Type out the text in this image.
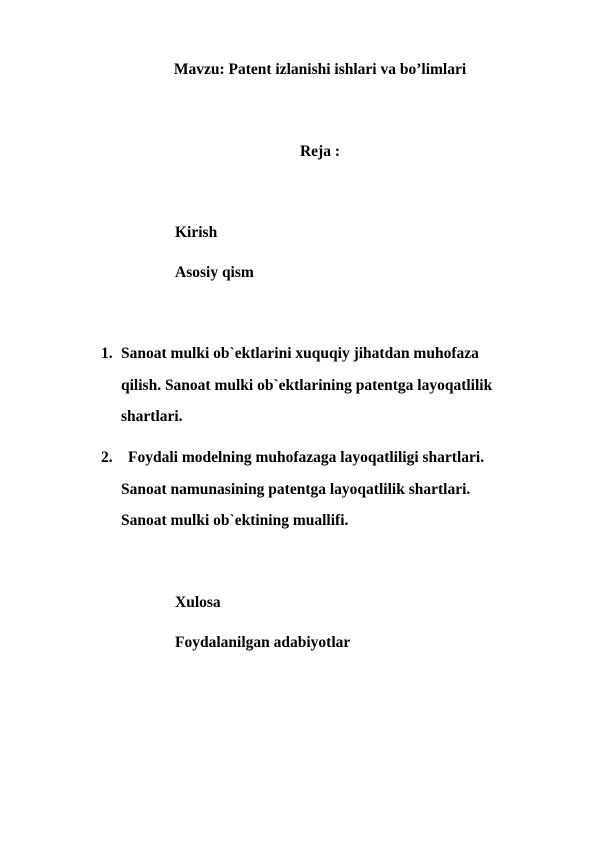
Mavzu: Patent izlanishi ishlari va bo’limlari
Reja :
Kirish
Asosiy qism
1. Sanoat mulki ob`ektlarini xuquqiy jihatdan muhofaza
qilish. Sanoat mulki ob`ektlarining patentga layoqatlilik
shartlari.
2. Foydali modelning muhofazaga layoqatliligi shartlari.
Sanoat namunasining patentga layoqatlilik shartlari.
Sanoat mulki ob`ektining muallifi.
Xulosa
Foydalanilgan adabiyotlar
